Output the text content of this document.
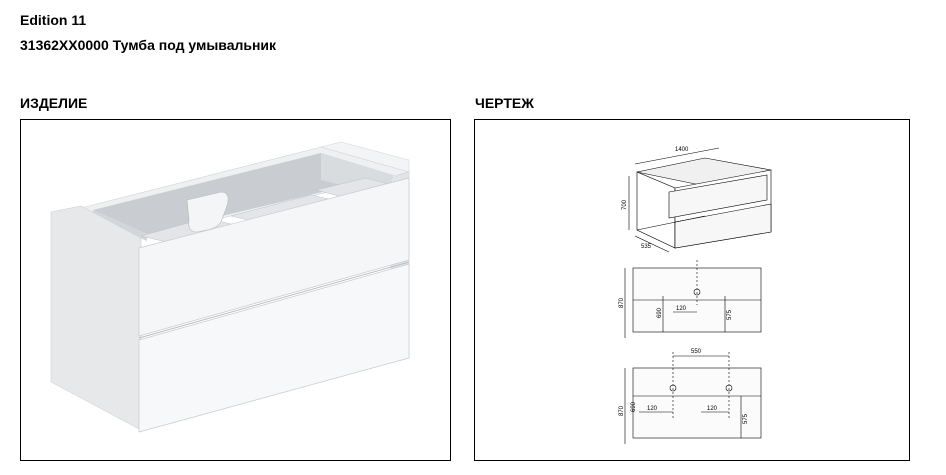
Edition 11
31362XX0000 Тумба под умывальник
ИЗДЕЛИЕ	ЧЕРТЕЖ
1400
700
535
870
690 120
575
550
870 690 120	120
575
